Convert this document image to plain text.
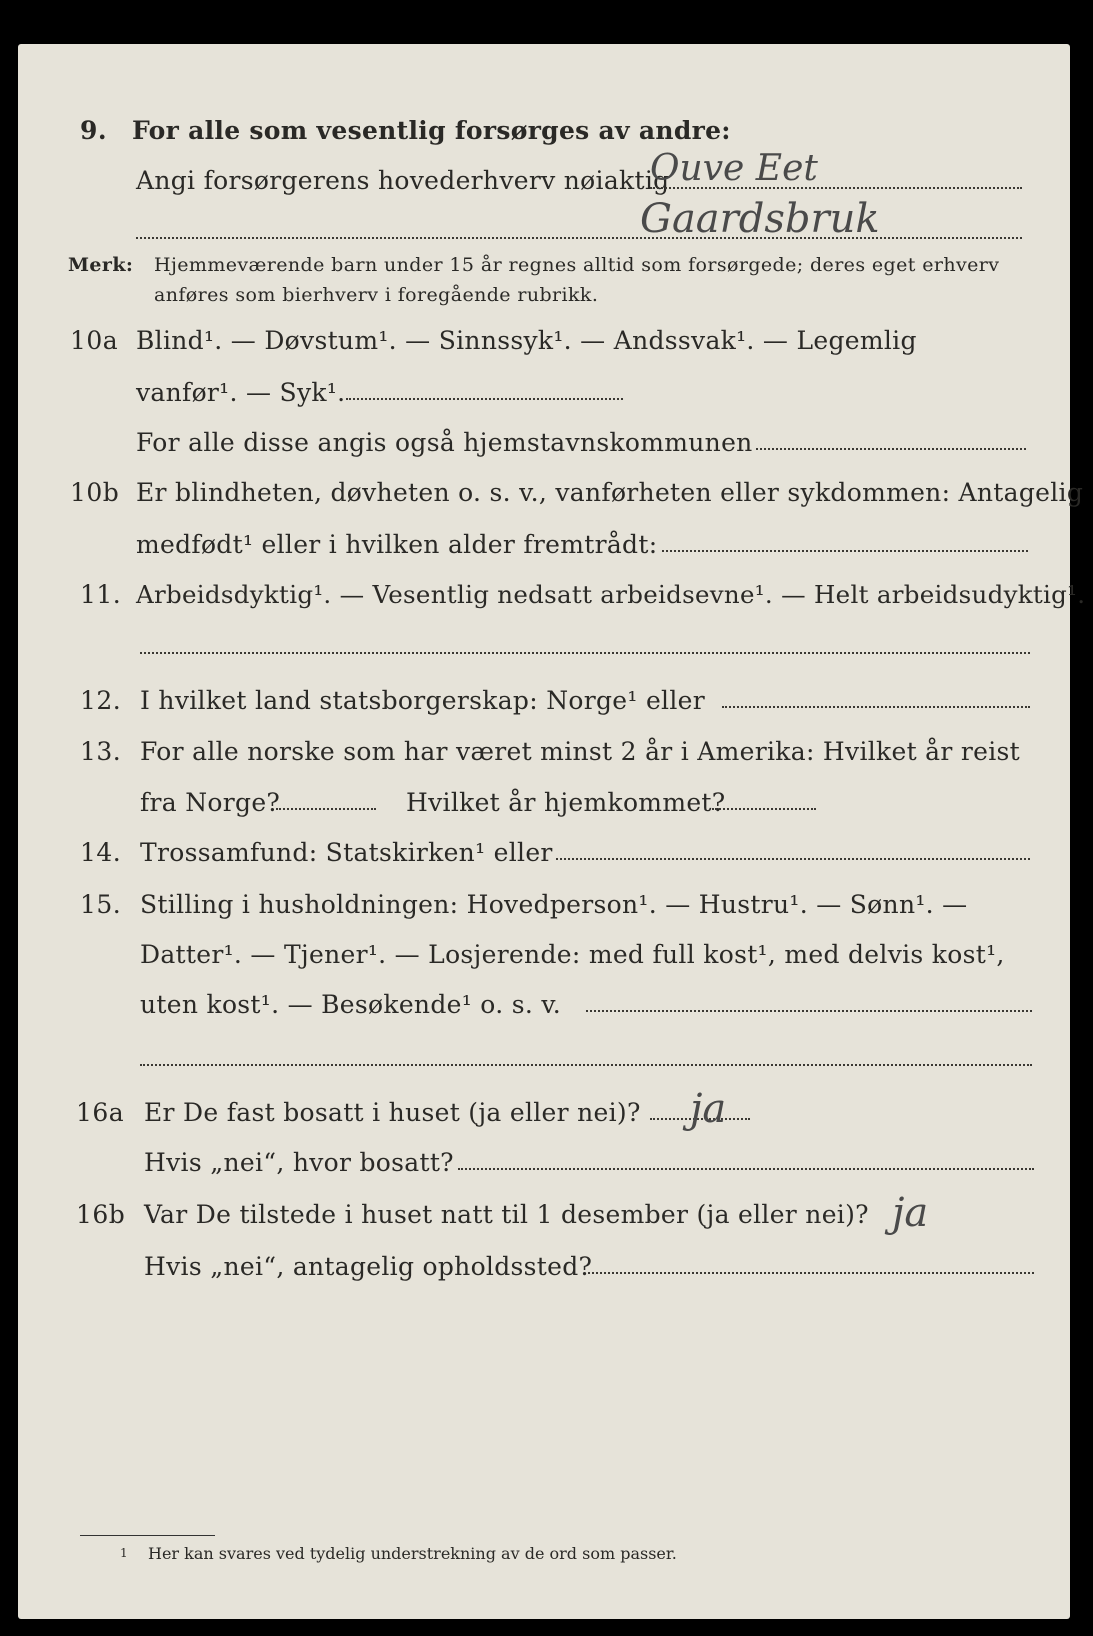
9. For alle som vesentlig forsørges av andre:
Angi forsørgerens hovederhverv nøiaktig
Ouve Eet
Gaardsbruk
Merk: Hjemmeværende barn under 15 år regnes alltid som forsørgede; deres eget erhverv
anføres som bierhverv i foregående rubrikk.
10a Blind¹. — Døvstum¹. — Sinnssyk¹. — Andssvak¹. — Legemlig
vanfør¹. — Syk¹.
For alle disse angis også hjemstavnskommunen
10b Er blindheten, døvheten o. s. v., vanførheten eller sykdommen: Antagelig
medfødt¹ eller i hvilken alder fremtrådt:
11. Arbeidsdyktig¹. — Vesentlig nedsatt arbeidsevne¹. — Helt arbeidsudyktig¹.
12. I hvilket land statsborgerskap: Norge¹ eller
13. For alle norske som har været minst 2 år i Amerika: Hvilket år reist
fra Norge?	Hvilket år hjemkommet?
14. Trossamfund: Statskirken¹ eller
15. Stilling i husholdningen: Hovedperson¹. — Hustru¹. — Sønn¹. —
Datter¹. — Tjener¹. — Losjerende: med full kost¹, med delvis kost¹,
uten kost¹. — Besøkende¹ o. s. v.
16a Er De fast bosatt i huset (ja eller nei)? ja
Hvis „nei“, hvor bosatt?
16b Var De tilstede i huset natt til 1 desember (ja eller nei)? ja
Hvis „nei“, antagelig opholdssted?
1 Her kan svares ved tydelig understrekning av de ord som passer.
